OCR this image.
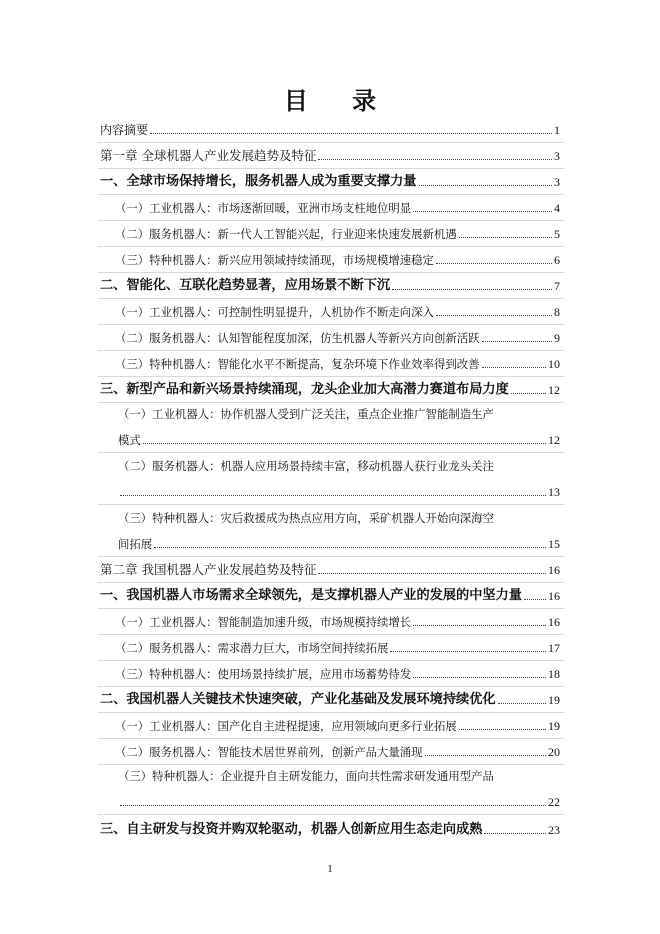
目 录
内容摘要	1
第一章 全球机器人产业发展趋势及特征	3
一、全球市场保持增长，服务机器人成为重要支撑力量	3
（一）工业机器人：市场逐渐回暖，亚洲市场支柱地位明显	4
（二）服务机器人：新一代人工智能兴起，行业迎来快速发展新机遇	5
（三）特种机器人：新兴应用领域持续涌现，市场规模增速稳定	6
二、智能化、互联化趋势显著，应用场景不断下沉	7
（一）工业机器人：可控制性明显提升，人机协作不断走向深入	8
（二）服务机器人：认知智能程度加深，仿生机器人等新兴方向创新活跃	9
（三）特种机器人：智能化水平不断提高，复杂环境下作业效率得到改善	10
三、新型产品和新兴场景持续涌现，龙头企业加大高潜力赛道布局力度	12
（一）工业机器人：协作机器人受到广泛关注，重点企业推广智能制造生产
模式	12
（二）服务机器人：机器人应用场景持续丰富，移动机器人获行业龙头关注
13
（三）特种机器人：灾后救援成为热点应用方向，采矿机器人开始向深海空
间拓展	15
第二章 我国机器人产业发展趋势及特征	16
一、我国机器人市场需求全球领先，是支撑机器人产业的发展的中坚力量 16
（一）工业机器人：智能制造加速升级，市场规模持续增长	16
（二）服务机器人：需求潜力巨大，市场空间持续拓展	17
（三）特种机器人：使用场景持续扩展，应用市场蓄势待发	18
二、我国机器人关键技术快速突破，产业化基础及发展环境持续优化	19
（一）工业机器人：国产化自主进程提速，应用领域向更多行业拓展	19
（二）服务机器人：智能技术居世界前列，创新产品大量涌现	20
（三）特种机器人：企业提升自主研发能力，面向共性需求研发通用型产品
22
三、自主研发与投资并购双轮驱动，机器人创新应用生态走向成熟	23
1
